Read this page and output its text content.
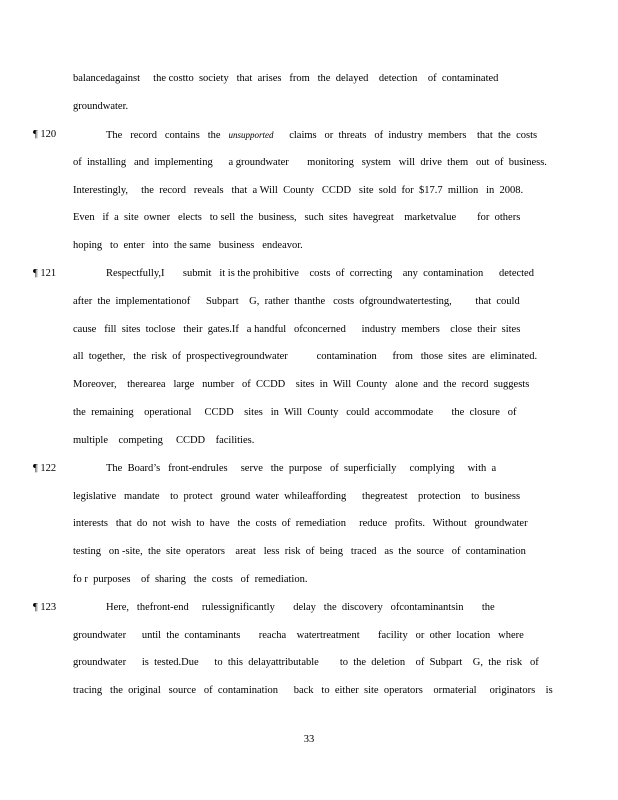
balancedagainst     the costto  society   that  arises   from   the  delayed    detection    of  contaminated
groundwater.
¶ 120	The   record   contains   the unsupported claims   or  threats   of  industry  members    that  the  costs
of  installing   and  implementing      a groundwater       monitoring   system   will  drive  them   out  of  business.
Interestingly,     the  record   reveals   that  a Will  County   CCDD   site  sold  for  $17.7  million   in  2008.
Even   if  a  site  owner   elects   to sell  the  business,   such  sites  havegreat    marketvalue        for  others
hoping   to  enter   into  the same   business   endeavor.
¶ 121	Respectfully,I       submit   it is the prohibitive    costs  of  correcting    any  contamination      detected
after  the  implementationof      Subpart    G,  rather  thanthe   costs  ofgroundwatertesting,         that  could
cause   fill  sites  toclose   their  gates.If   a handful   ofconcerned      industry  members    close  their  sites
all  together,   the  risk  of  prospectivegroundwater           contamination      from   those  sites  are  eliminated.
Moreover,    therearea   large   number   of  CCDD    sites  in  Will  County   alone  and  the  record  suggests
the  remaining    operational     CCDD    sites   in  Will  County   could  accommodate       the  closure   of
multiple    competing     CCDD    facilities.
¶ 122	The  Board’s   front-endrules     serve   the  purpose   of  superficially     complying     with  a
legislative   mandate    to  protect   ground  water  whileaffording      thegreatest    protection    to  business
interests   that  do  not  wish  to  have   the  costs  of  remediation     reduce   profits.   Without   groundwater
testing   on -site,  the  site  operators    areat   less  risk  of  being   traced   as  the  source   of  contamination
fo r  purposes    of  sharing   the  costs   of  remediation.
¶ 123	Here,   thefront-end     rulessignificantly       delay   the  discovery   ofcontaminantsin       the
groundwater      until  the  contaminants       reacha    watertreatment       facility   or  other  location   where
groundwater      is  tested.Due      to  this  delayattributable        to  the  deletion    of  Subpart    G,  the  risk   of
tracing   the  original   source   of  contamination      back   to  either  site  operators    ormaterial     originators    is
33
